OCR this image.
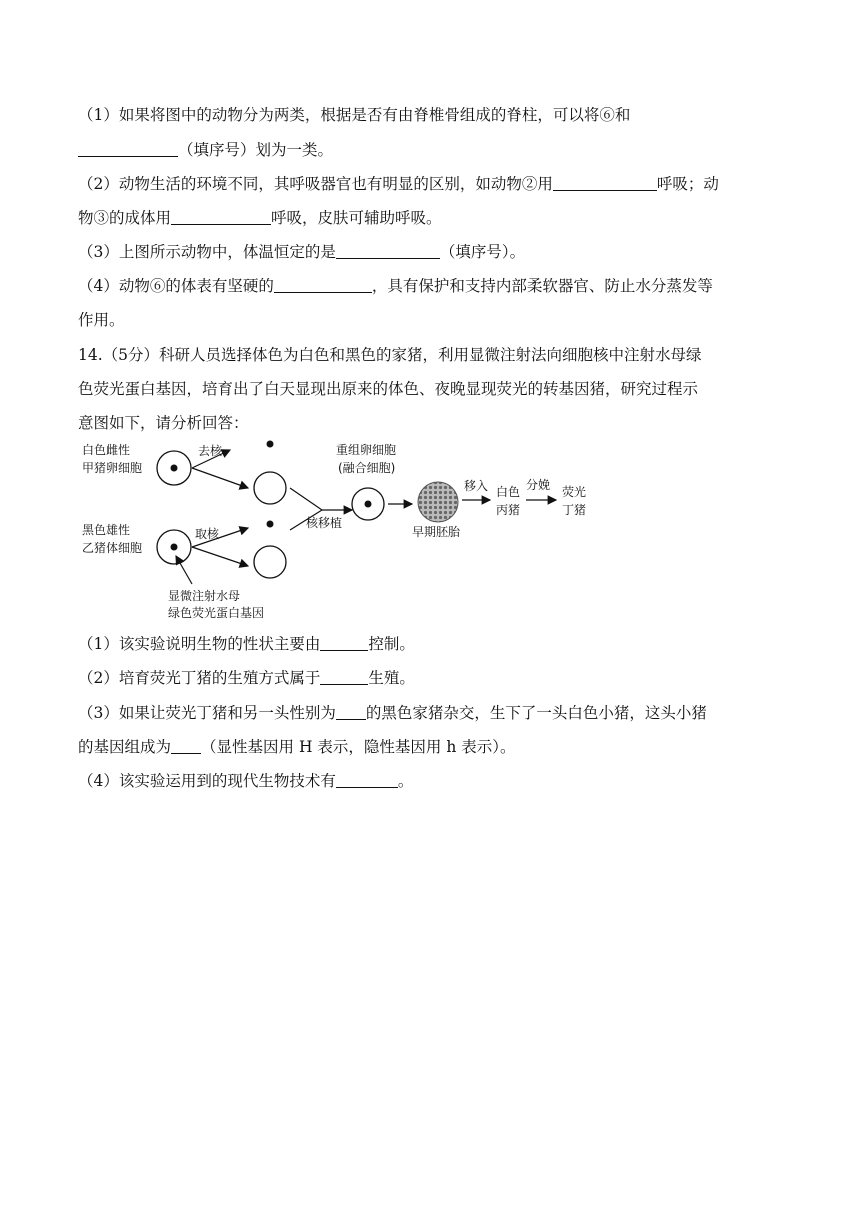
（1）如果将图中的动物分为两类，根据是否有由脊椎骨组成的脊柱，可以将⑥和
（填序号）划为一类。
（2）动物生活的环境不同，其呼吸器官也有明显的区别，如动物②用	呼吸；动
物③的成体用	呼吸，皮肤可辅助呼吸。
（3）上图所示动物中，体温恒定的是	（填序号）。
（4）动物⑥的体表有坚硬的	，具有保护和支持内部柔软器官、防止水分蒸发等
作用。
14.（5分）科研人员选择体色为白色和黑色的家猪，利用显微注射法向细胞核中注射水母绿
色荧光蛋白基因，培育出了白天显现出原来的体色、夜晚显现荧光的转基因猪，研究过程示
意图如下，请分析回答：
白色雌性
甲猪卵细胞
黑色雄性
乙猪体细胞
去核
取核
核移植
重组卵细胞
(融合细胞)
早期胚胎
移入 白色
丙猪
分娩 荧光
丁猪
显微注射水母
绿色荧光蛋白基因
（1）该实验说明生物的性状主要由	控制。
（2）培育荧光丁猪的生殖方式属于	生殖。
（3）如果让荧光丁猪和另一头性别为 的黑色家猪杂交，生下了一头白色小猪，这头小猪
的基因组成为 （显性基因用 H 表示，隐性基因用 h 表示）。
（4）该实验运用到的现代生物技术有	。
